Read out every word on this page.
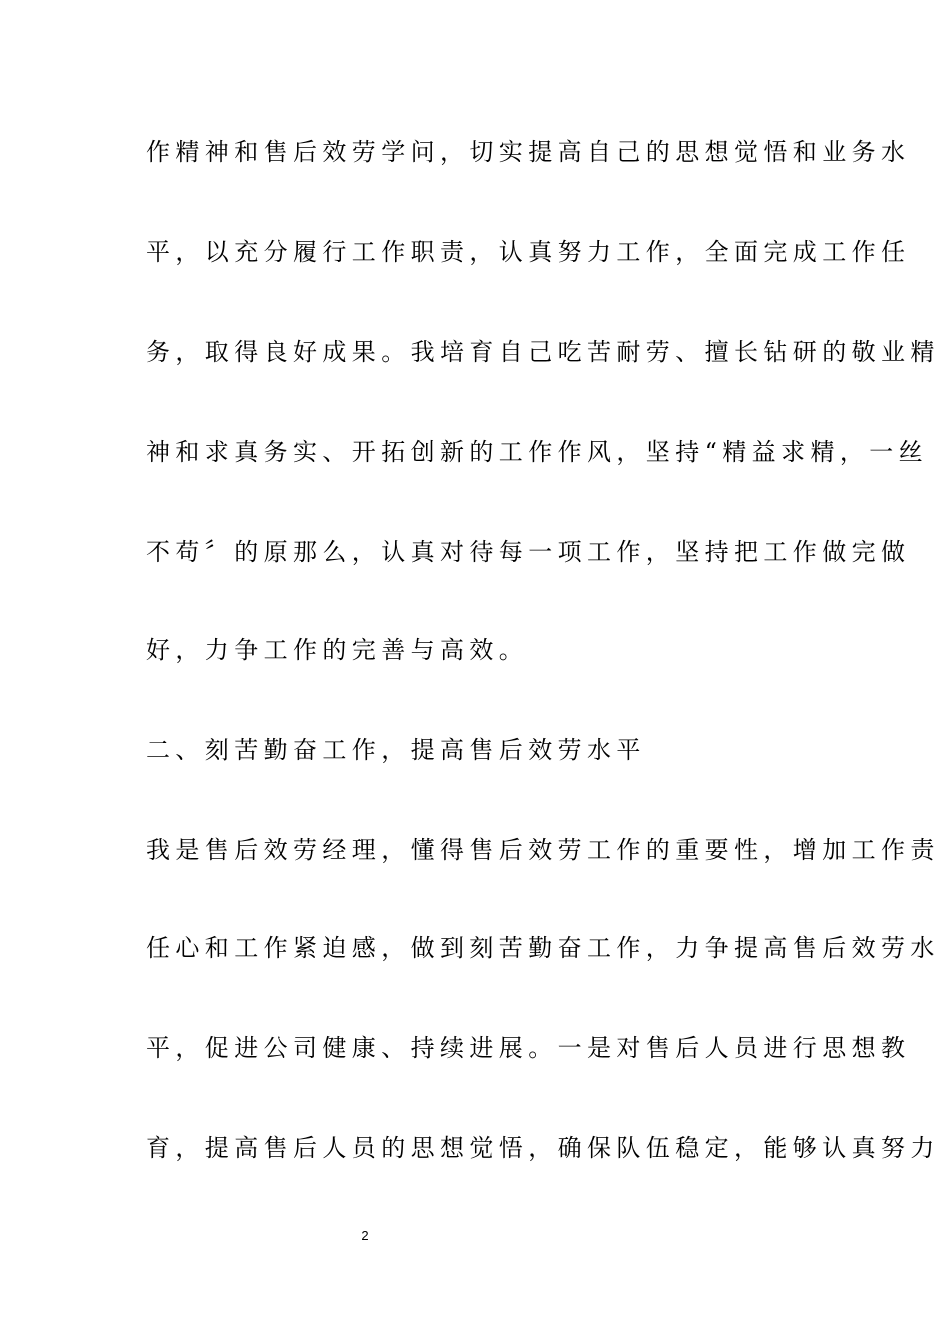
作精神和售后效劳学问，切实提高自己的思想觉悟和业务水
平，以充分履行工作职责，认真努力工作，全面完成工作任
务，取得良好成果。我培育自己吃苦耐劳、擅长钻研的敬业精
神和求真务实、开拓创新的工作作风，坚持“精益求精，一丝
不苟〞的原那么，认真对待每一项工作，坚持把工作做完做
好，力争工作的完善与高效。
二、刻苦勤奋工作，提高售后效劳水平
我是售后效劳经理，懂得售后效劳工作的重要性，增加工作责
任心和工作紧迫感，做到刻苦勤奋工作，力争提高售后效劳水
平，促进公司健康、持续进展。一是对售后人员进行思想教
育，提高售后人员的思想觉悟，确保队伍稳定，能够认真努力
2
